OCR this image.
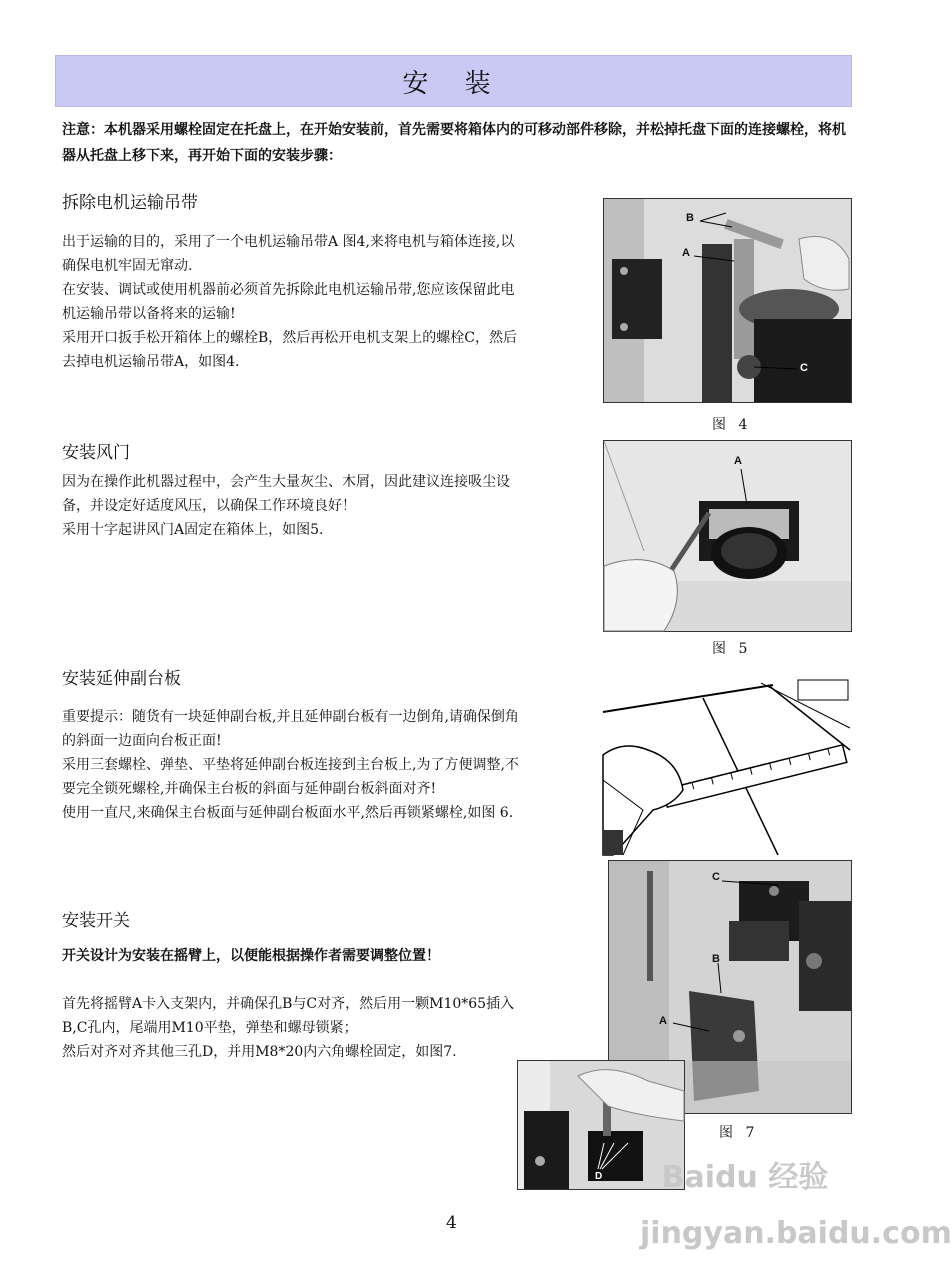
安 装

注意：本机器采用螺栓固定在托盘上，在开始安装前，首先需要将箱体内的可移动部件移除，并松掉托盘下面的连接螺栓，将机器从托盘上移下来，再开始下面的安装步骤：

拆除电机运输吊带

出于运输的目的，采用了一个电机运输吊带A 图4,来将电机与箱体连接,以确保电机牢固无窜动.

在安装、调试或使用机器前必须首先拆除此电机运输吊带,您应该保留此电机运输吊带以备将来的运输!

采用开口扳手松开箱体上的螺栓B，然后再松开电机支架上的螺栓C，然后去掉电机运输吊带A，如图4.

B
A
C
图 4
安装风门

因为在操作此机器过程中，会产生大量灰尘、木屑，因此建议连接吸尘设备，并设定好适度风压，以确保工作环境良好！

采用十字起讲风门A固定在箱体上，如图5.

A
图 5
安装延伸副台板

重要提示：随货有一块延伸副台板,并且延伸副台板有一边倒角,请确保倒角的斜面一边面向台板正面!

采用三套螺栓、弹垫、平垫将延伸副台板连接到主台板上,为了方便调整,不要完全锁死螺栓,并确保主台板的斜面与延伸副台板斜面对齐!

使用一直尺,来确保主台板面与延伸副台板面水平,然后再锁紧螺栓,如图 6.

安装开关
开关设计为安装在摇臂上，以便能根据操作者需要调整位置！

首先将摇臂A卡入支架内，并确保孔B与C对齐，然后用一颗M10*65插入B,C孔内，尾端用M10平垫，弹垫和螺母锁紧；

然后对齐对齐其他三孔D，并用M8*20内六角螺栓固定，如图7.

C
B
A
图 7
D	Baidu 经验 jingyan.baidu.com
4
